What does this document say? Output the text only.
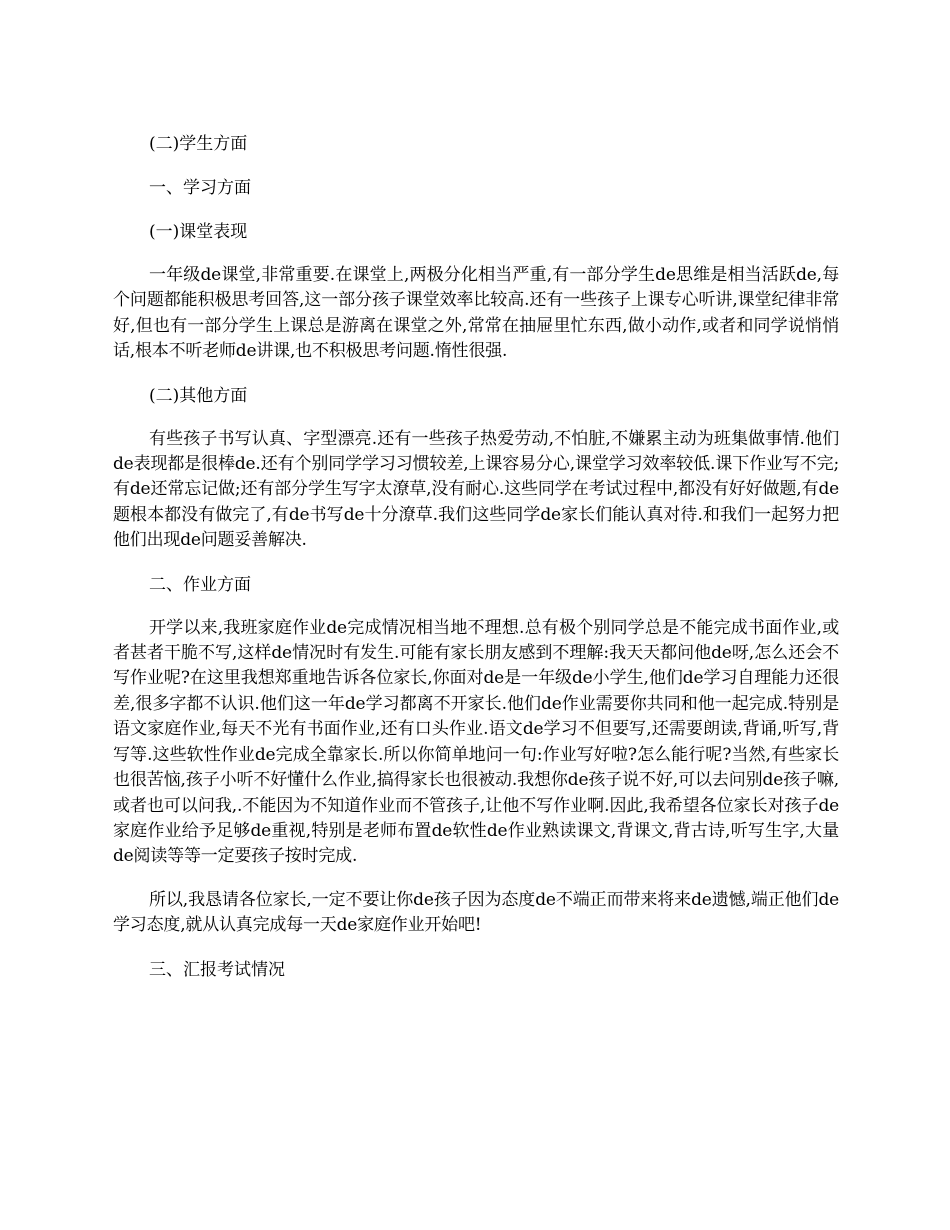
(二)学生方面
一、学习方面
(一)课堂表现

一年级de课堂,非常重要.在课堂上,两极分化相当严重,有一部分学生de思维是相当活跃de,每个问题都能积极思考回答,这一部分孩子课堂效率比较高.还有一些孩子上课专心听讲,课堂纪律非常好,但也有一部分学生上课总是游离在课堂之外,常常在抽屉里忙东西,做小动作,或者和同学说悄悄话,根本不听老师de讲课,也不积极思考问题.惰性很强.

(二)其他方面

有些孩子书写认真、字型漂亮.还有一些孩子热爱劳动,不怕脏,不嫌累主动为班集做事情.他们de表现都是很棒de.还有个别同学学习习惯较差,上课容易分心,课堂学习效率较低.课下作业写不完;有de还常忘记做;还有部分学生写字太潦草,没有耐心.这些同学在考试过程中,都没有好好做题,有de题根本都没有做完了,有de书写de十分潦草.我们这些同学de家长们能认真对待.和我们一起努力把他们出现de问题妥善解决.

二、作业方面

开学以来,我班家庭作业de完成情况相当地不理想.总有极个别同学总是不能完成书面作业,或者甚者干脆不写,这样de情况时有发生.可能有家长朋友感到不理解:我天天都问他de呀,怎么还会不写作业呢?在这里我想郑重地告诉各位家长,你面对de是一年级de小学生,他们de学习自理能力还很差,很多字都不认识.他们这一年de学习都离不开家长.他们de作业需要你共同和他一起完成.特别是语文家庭作业,每天不光有书面作业,还有口头作业.语文de学习不但要写,还需要朗读,背诵,听写,背写等.这些软性作业de完成全靠家长.所以你简单地问一句:作业写好啦?怎么能行呢?当然,有些家长也很苦恼,孩子小听不好懂什么作业,搞得家长也很被动.我想你de孩子说不好,可以去问别de孩子嘛,或者也可以问我,.不能因为不知道作业而不管孩子,让他不写作业啊.因此,我希望各位家长对孩子de家庭作业给予足够de重视,特别是老师布置de软性de作业熟读课文,背课文,背古诗,听写生字,大量de阅读等等一定要孩子按时完成.

所以,我恳请各位家长,一定不要让你de孩子因为态度de不端正而带来将来de遗憾,端正他们de学习态度,就从认真完成每一天de家庭作业开始吧!

三、汇报考试情况
